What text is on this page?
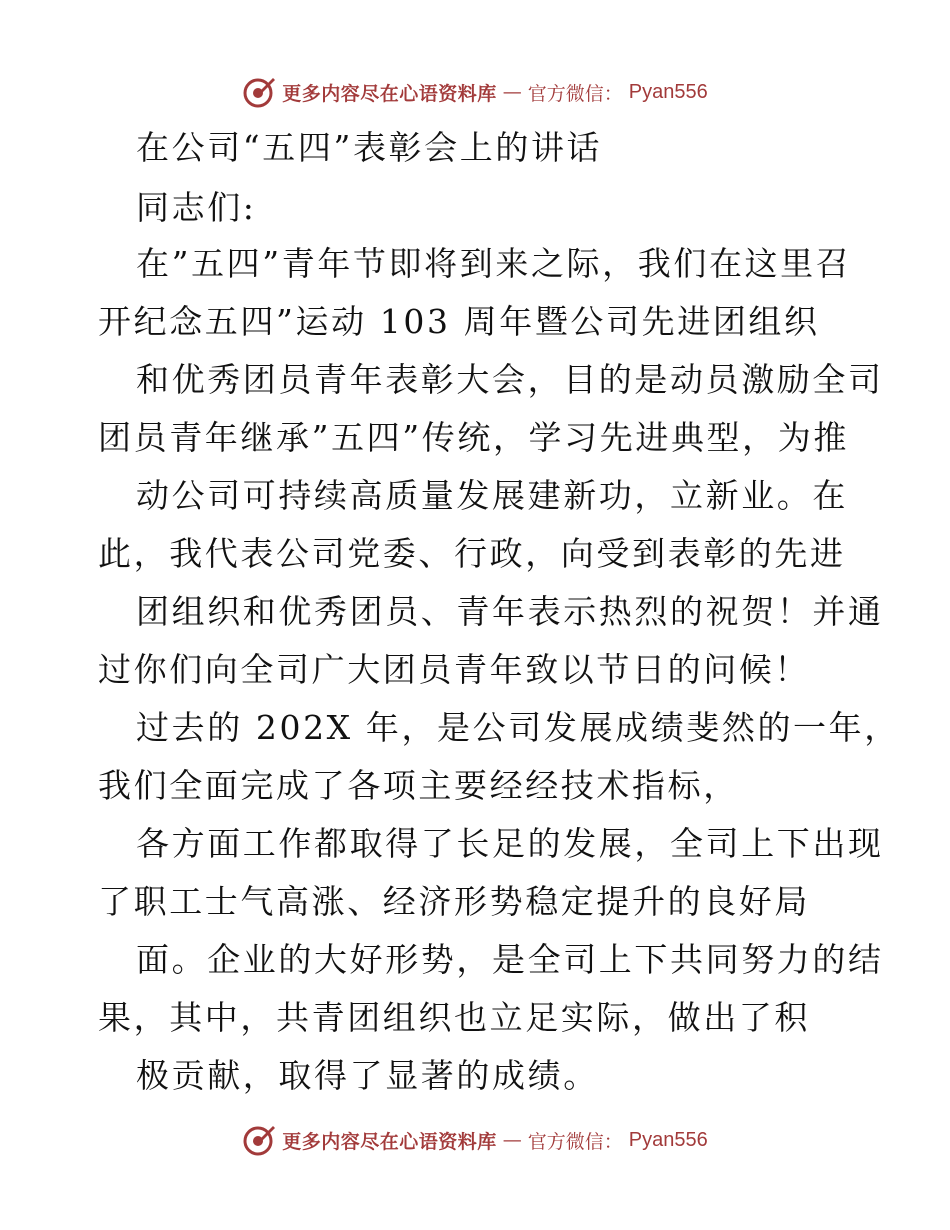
更多内容尽在心语资料库 — 官方微信： Pyan556
在公司“五四”表彰会上的讲话
同志们:
在”五四”青年节即将到来之际，我们在这里召
开纪念五四”运动 103 周年暨公司先进团组织
和优秀团员青年表彰大会，目的是动员激励全司
团员青年继承”五四”传统，学习先进典型，为推
动公司可持续高质量发展建新功，立新业。在
此，我代表公司党委、行政，向受到表彰的先进
团组织和优秀团员、青年表示热烈的祝贺！并通
过你们向全司广大团员青年致以节日的问候！
过去的 202X 年，是公司发展成绩斐然的一年，
我们全面完成了各项主要经经技术指标，
各方面工作都取得了长足的发展，全司上下出现
了职工士气高涨、经济形势稳定提升的良好局
面。企业的大好形势，是全司上下共同努力的结
果，其中，共青团组织也立足实际，做出了积
极贡献，取得了显著的成绩。
更多内容尽在心语资料库 — 官方微信： Pyan556
